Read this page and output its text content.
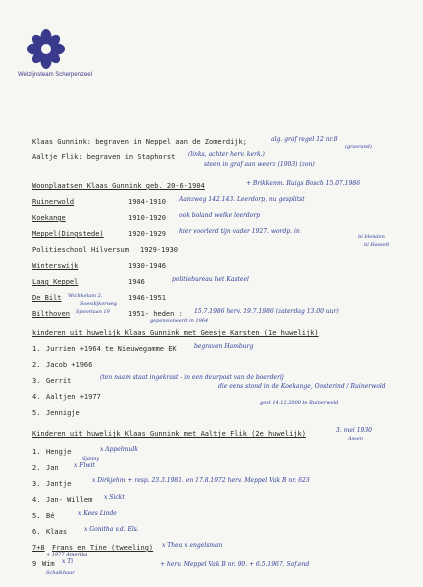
Welzijnsteam Scherpenzeel
Klaas Gunnink: begraven in Neppel aan de Zomerdijk;	alg. graf regel 12 nr.8
(grasrand)
Aaltje Flik: begraven in Staphorst (links, achter herv. kerk.)
steen in graf aan weerz (1903) (zon)
Woonplaatsen Klaas Gunnink geb. 20-6-1904	+ Brikkenm. Ruigs Bosch 15.07.1986
Ruinerwold	1904-1910 Aanzweg 142.143. Leerdorp, nu gesplitst
Koekange	1910-1920 ook boland welke leerdorp
Meppel(Dingstede)	1920-1929 hier voorlerd tijn vader 1927. wordp. in
bi blonden
bi Hasselt
Politieschool Hilversum 1929-1930
Winterswijk	1930-1946
Laag Keppel	1946	politiebureau het Kasteel
De Bilt Wichkelam 2.	1946-1951
Soesdijkerweg
Bilthoven Spoorlaan 19	1951- heden : 15.7.1986 herv. 19.7.1986 (zaterdag 13.00 uur)
gepensioneerd in 1964
kinderen uit huwelijk Klaas Gunnink met Geesje Karsten (1e huwelijk)
1. Jurrien +1964 te Nieuwegamme EK	begraven Hamburg
2. Jacob +1966
3. Gerrit	(ten naam staat ingekrast - in een deurpost van de boerderij
die eens stond in de Koekange, Oosterind / Ruinerwold
4. Aaltjen +1977
gest 14.12.2000 te Ruinerwold
5. Jennigje
Kinderen uit huwelijk Klaas Gunnink met Aaltje Flik (2e huwelijk)	3. mei 1930
Assen
1. Hengje	x Appelmulk
Sjanny
2. Jan	x Flwit
3. Jantje	x Dirkjehm + resp. 23.3.1981. en 17.8.1972 herv. Meppel Vak B nr. 623
4. Jan- Willem x Sickt
5. Bé	x Kees Linde
6. Klaas	x Gonitha v.d. Els.
7+8 Frans en Tine (tweeling) x Thea x engelsman
+ 1977 Amerika
9 Wim x Ti	+ herv. Meppel Vak B nr. 90. + 6.5.1967. Sof.end
Schalkhaar
